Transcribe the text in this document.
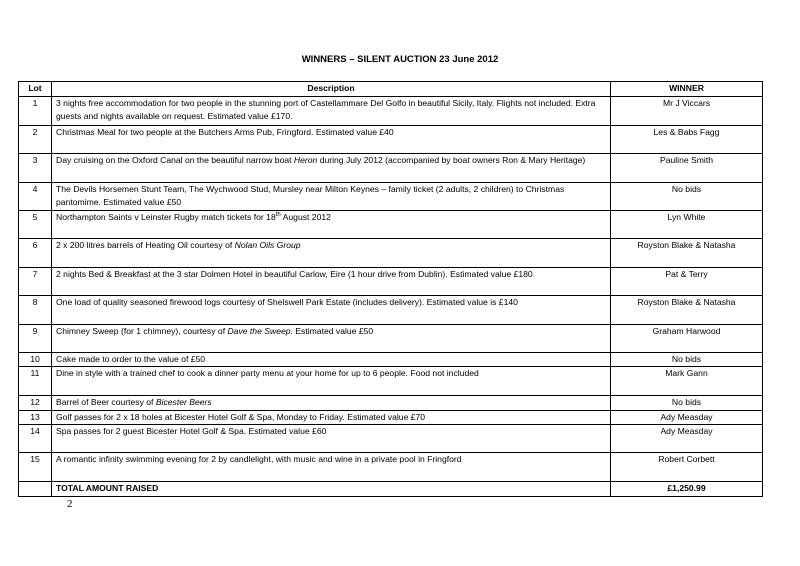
WINNERS – SILENT AUCTION 23 June 2012
Lot	Description	WINNER
1	3 nights free accommodation for two people in the stunning port of Castellammare Del Golfo in beautiful Sicily, Italy. Flights not included. Extra guests and nights available on request. Estimated value £170.	Mr J Viccars
2	Christmas Meal for two people at the Butchers Arms Pub, Fringford. Estimated value £40	Les & Babs Fagg
3	Day cruising on the Oxford Canal on the beautiful narrow boat Heron during July 2012 (accompanied by boat owners Ron & Mary Heritage)	Pauline Smith
4	The Devils Horsemen Stunt Team, The Wychwood Stud, Mursley near Milton Keynes – family ticket (2 adults, 2 children) to Christmas pantomime. Estimated value £50	No bids
5	Northampton Saints v Leinster Rugby match tickets for 18th August 2012	Lyn White
6	2 x 200 litres barrels of Heating Oil courtesy of Nolan Oils Group	Royston Blake & Natasha
7	2 nights Bed & Breakfast at the 3 star Dolmen Hotel in beautiful Carlow, Eire (1 hour drive from Dublin). Estimated value £180	Pat & Terry
8	One load of quality seasoned firewood logs courtesy of Shelswell Park Estate (includes delivery). Estimated value is £140	Royston Blake & Natasha
9	Chimney Sweep (for 1 chimney), courtesy of Dave the Sweep. Estimated value £50	Graham Harwood
10	Cake made to order to the value of £50	No bids
11	Dine in style with a trained chef to cook a dinner party menu at your home for up to 6 people. Food not included	Mark Gann
12	Barrel of Beer courtesy of Bicester Beers	No bids
13	Golf passes for 2 x 18 holes at Bicester Hotel Golf & Spa, Monday to Friday. Estimated value £70	Ady Measday
14	Spa passes for 2 guest Bicester Hotel Golf & Spa. Estimated value £60	Ady Measday
15	A romantic infinity swimming evening for 2 by candlelight, with music and wine in a private pool in Fringford	Robert Corbett
	TOTAL AMOUNT RAISED	£1,250.99
2
